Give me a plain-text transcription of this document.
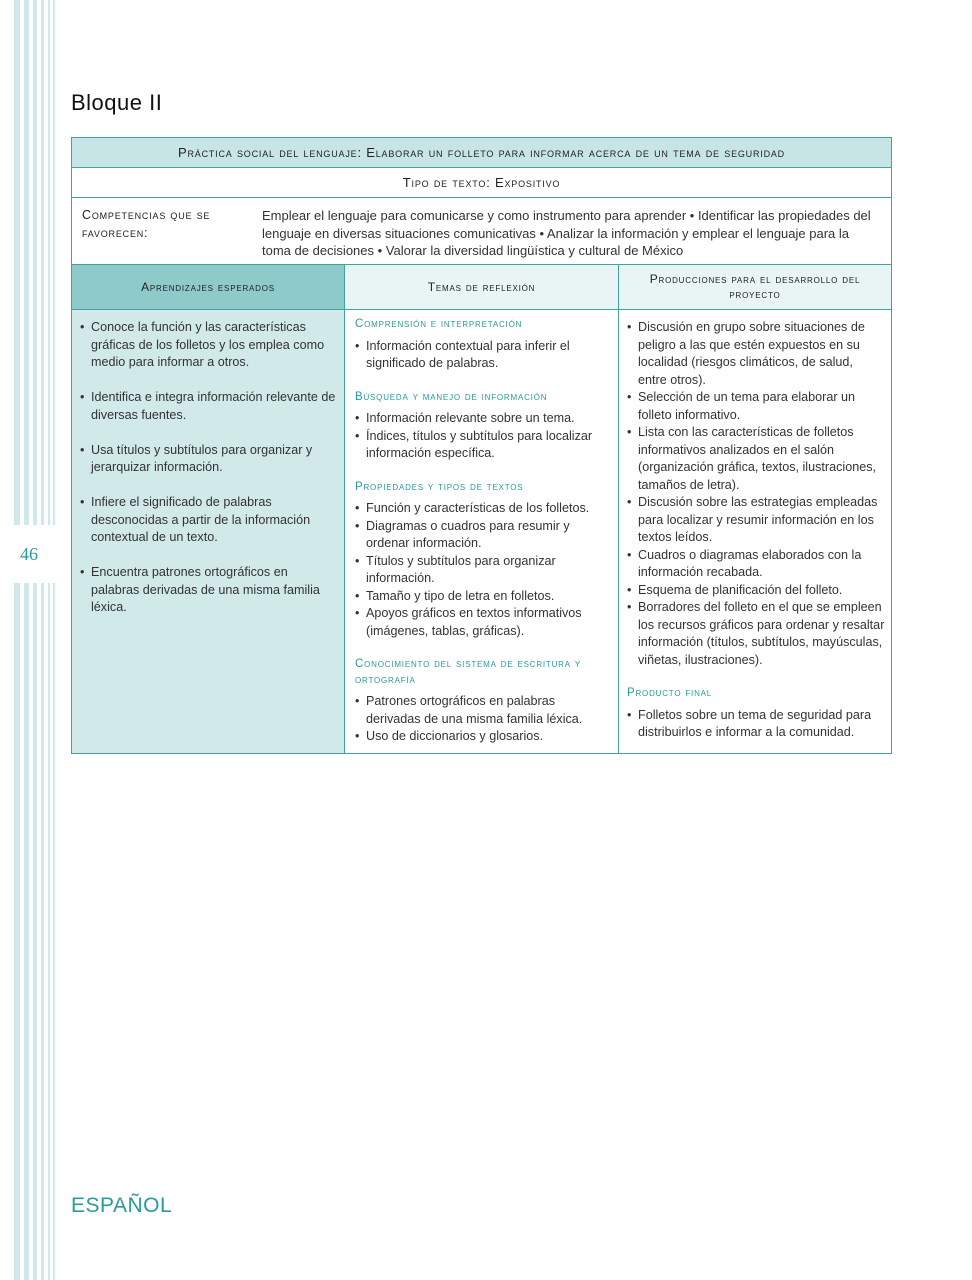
46
Bloque II
Práctica social del lenguaje: Elaborar un folleto para informar acerca de un tema de seguridad
Tipo de texto: Expositivo
Competencias que se favorecen:
Emplear el lenguaje para comunicarse y como instrumento para aprender • Identificar las propiedades del lenguaje en diversas situaciones comunicativas • Analizar la información y emplear el lenguaje para la toma de decisiones • Valorar la diversidad lingüística y cultural de México
Aprendizajes esperados	Temas de reflexión
Producciones para el desarrollo del proyecto
• Conoce la función y las características gráficas de los folletos y los emplea como medio para informar a otros.
• Identifica e integra información relevante de diversas fuentes.
• Usa títulos y subtítulos para organizar y jerarquizar información.
• Infiere el significado de palabras desconocidas a partir de la información contextual de un texto.
• Encuentra patrones ortográficos en palabras derivadas de una misma familia léxica.
Comprensión e interpretación
• Información contextual para inferir el significado de palabras.
Búsqueda y manejo de información
• Información relevante sobre un tema.
• Índices, títulos y subtítulos para localizar información específica.
Propiedades y tipos de textos
• Función y características de los folletos.
• Diagramas o cuadros para resumir y ordenar información.
• Títulos y subtítulos para organizar información.
• Tamaño y tipo de letra en folletos.
• Apoyos gráficos en textos informativos (imágenes, tablas, gráficas).
Conocimiento del sistema de escritura y ortografía
• Patrones ortográficos en palabras derivadas de una misma familia léxica.
• Uso de diccionarios y glosarios.
• Discusión en grupo sobre situaciones de peligro a las que estén expuestos en su localidad (riesgos climáticos, de salud, entre otros).
• Selección de un tema para elaborar un folleto informativo.
• Lista con las características de folletos informativos analizados en el salón (organización gráfica, textos, ilustraciones, tamaños de letra).
• Discusión sobre las estrategias empleadas para localizar y resumir información en los textos leídos.
• Cuadros o diagramas elaborados con la información recabada.
• Esquema de planificación del folleto.
• Borradores del folleto en el que se empleen los recursos gráficos para ordenar y resaltar información (títulos, subtítulos, mayúsculas, viñetas, ilustraciones).
Producto final
• Folletos sobre un tema de seguridad para distribuirlos e informar a la comunidad.
ESPAÑOL
